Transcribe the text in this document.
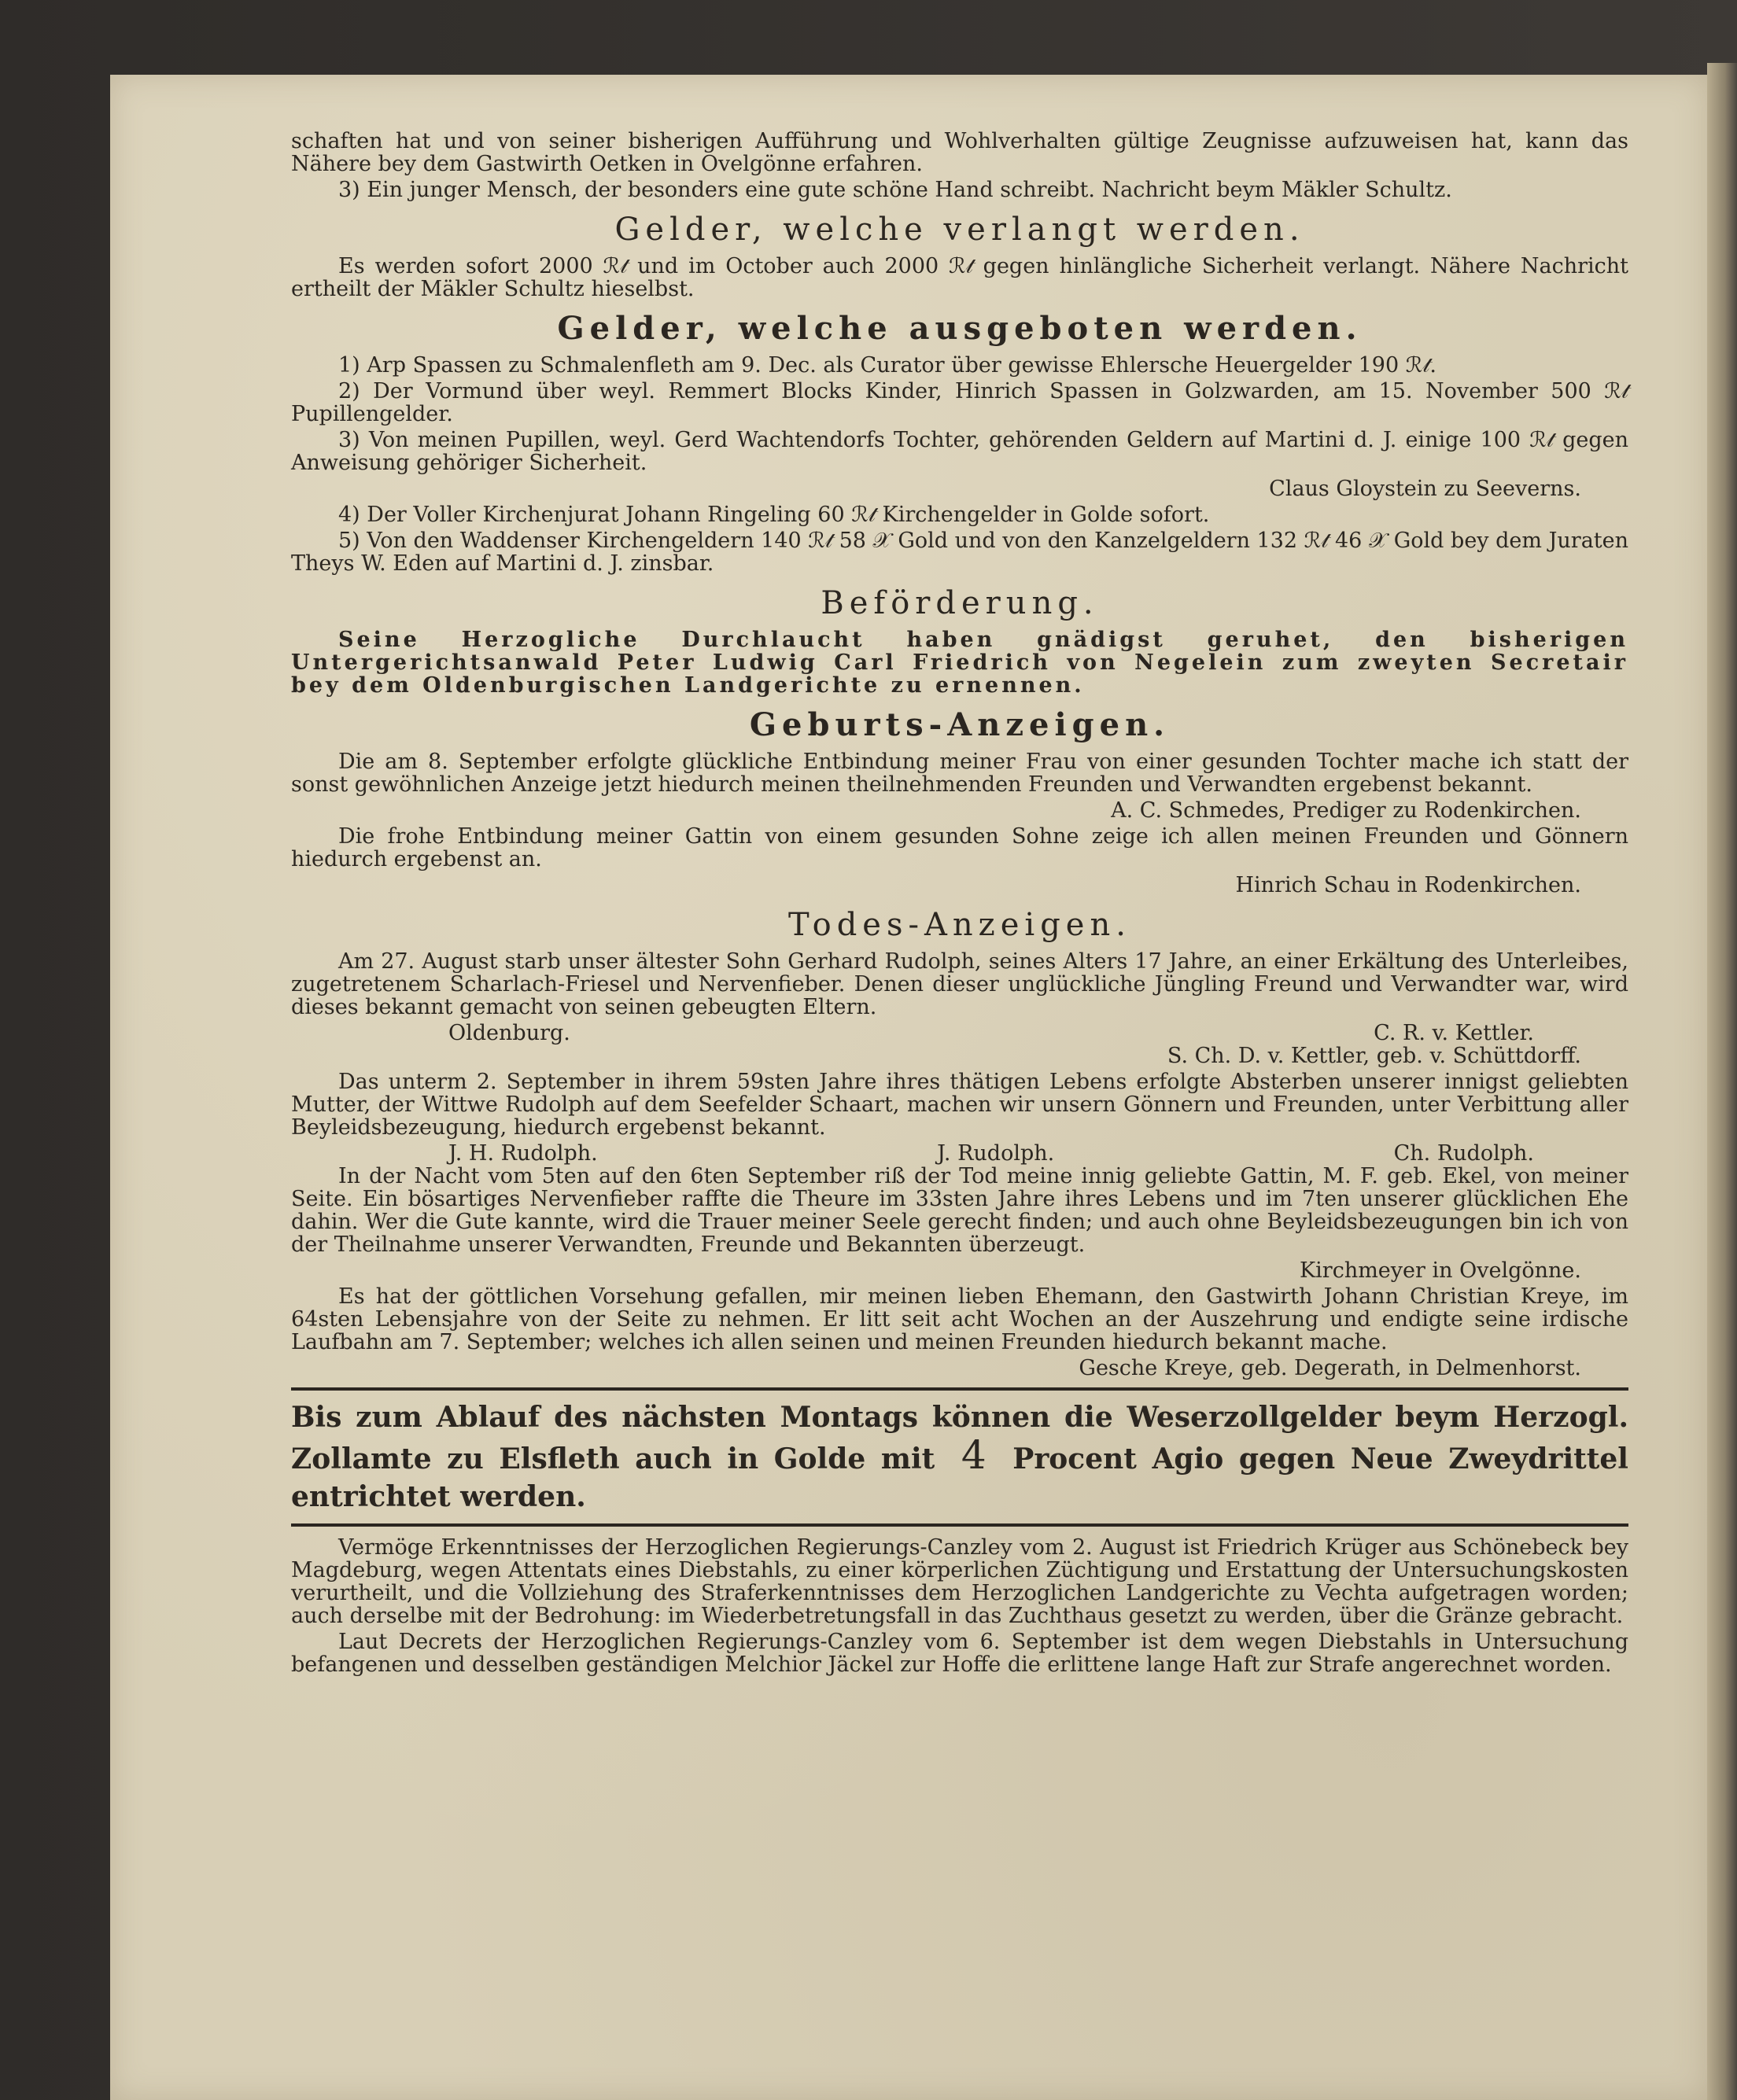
schaften hat und von seiner bisherigen Aufführung und Wohlverhalten gültige Zeugnisse aufzuweisen hat, kann das Nähere bey dem Gastwirth Oetken in Ovelgönne erfahren.

3) Ein junger Mensch, der besonders eine gute schöne Hand schreibt. Nachricht beym Mäkler Schultz.

Gelder, welche verlangt werden.

Es werden sofort 2000 ℛ𝓉 und im October auch 2000 ℛ𝓉 gegen hinlängliche Sicherheit verlangt. Nähere Nachricht ertheilt der Mäkler Schultz hieselbst.

Gelder, welche ausgeboten werden.

1) Arp Spassen zu Schmalenfleth am 9. Dec. als Curator über gewisse Ehlersche Heuergelder 190 ℛ𝓉.

2) Der Vormund über weyl. Remmert Blocks Kinder, Hinrich Spassen in Golzwarden, am 15. November 500 ℛ𝓉 Pupillengelder.

3) Von meinen Pupillen, weyl. Gerd Wachtendorfs Tochter, gehörenden Geldern auf Martini d. J. einige 100 ℛ𝓉 gegen Anweisung gehöriger Sicherheit.

Claus Gloystein zu Seeverns.

4) Der Voller Kirchenjurat Johann Ringeling 60 ℛ𝓉 Kirchengelder in Golde sofort.

5) Von den Waddenser Kirchengeldern 140 ℛ𝓉 58 𝒳 Gold und von den Kanzelgeldern 132 ℛ𝓉 46 𝒳 Gold bey dem Juraten Theys W. Eden auf Martini d. J. zinsbar.

Beförderung.

Seine Herzogliche Durchlaucht haben gnädigst geruhet, den bisherigen Untergerichtsanwald Peter Ludwig Carl Friedrich von Negelein zum zweyten Secretair bey dem Oldenburgischen Landgerichte zu ernennen.

Geburts-Anzeigen.

Die am 8. September erfolgte glückliche Entbindung meiner Frau von einer gesunden Tochter mache ich statt der sonst gewöhnlichen Anzeige jetzt hiedurch meinen theilnehmenden Freunden und Verwandten ergebenst bekannt.

A. C. Schmedes, Prediger zu Rodenkirchen.

Die frohe Entbindung meiner Gattin von einem gesunden Sohne zeige ich allen meinen Freunden und Gönnern hiedurch ergebenst an.

Hinrich Schau in Rodenkirchen.

Todes-Anzeigen.

Am 27. August starb unser ältester Sohn Gerhard Rudolph, seines Alters 17 Jahre, an einer Erkältung des Unterleibes, zugetretenem Scharlach-Friesel und Nervenfieber. Denen dieser unglückliche Jüngling Freund und Verwandter war, wird dieses bekannt gemacht von seinen gebeugten Eltern.

Oldenburg.	C. R. v. Kettler.

S. Ch. D. v. Kettler, geb. v. Schüttdorff.

Das unterm 2. September in ihrem 59sten Jahre ihres thätigen Lebens erfolgte Absterben unserer innigst geliebten Mutter, der Wittwe Rudolph auf dem Seefelder Schaart, machen wir unsern Gönnern und Freunden, unter Verbittung aller Beyleidsbezeugung, hiedurch ergebenst bekannt.

J. H. Rudolph.	J. Rudolph.	Ch. Rudolph.

In der Nacht vom 5ten auf den 6ten September riß der Tod meine innig geliebte Gattin, M. F. geb. Ekel, von meiner Seite. Ein bösartiges Nervenfieber raffte die Theure im 33sten Jahre ihres Lebens und im 7ten unserer glücklichen Ehe dahin. Wer die Gute kannte, wird die Trauer meiner Seele gerecht finden; und auch ohne Beyleidsbezeugungen bin ich von der Theilnahme unserer Verwandten, Freunde und Bekannten überzeugt.

Kirchmeyer in Ovelgönne.

Es hat der göttlichen Vorsehung gefallen, mir meinen lieben Ehemann, den Gastwirth Johann Christian Kreye, im 64sten Lebensjahre von der Seite zu nehmen. Er litt seit acht Wochen an der Auszehrung und endigte seine irdische Laufbahn am 7. September; welches ich allen seinen und meinen Freunden hiedurch bekannt mache.

Gesche Kreye, geb. Degerath, in Delmenhorst.

Bis zum Ablauf des nächsten Montags können die Weserzollgelder beym Herzogl. Zollamte zu Elsfleth auch in Golde mit 4 Procent Agio gegen Neue Zweydrittel entrichtet werden.

Vermöge Erkenntnisses der Herzoglichen Regierungs-Canzley vom 2. August ist Friedrich Krüger aus Schönebeck bey Magdeburg, wegen Attentats eines Diebstahls, zu einer körperlichen Züchtigung und Erstattung der Untersuchungskosten verurtheilt, und die Vollziehung des Straferkenntnisses dem Herzoglichen Landgerichte zu Vechta aufgetragen worden; auch derselbe mit der Bedrohung: im Wiederbetretungsfall in das Zuchthaus gesetzt zu werden, über die Gränze gebracht.

Laut Decrets der Herzoglichen Regierungs-Canzley vom 6. September ist dem wegen Diebstahls in Untersuchung befangenen und desselben geständigen Melchior Jäckel zur Hoffe die erlittene lange Haft zur Strafe angerechnet worden.
